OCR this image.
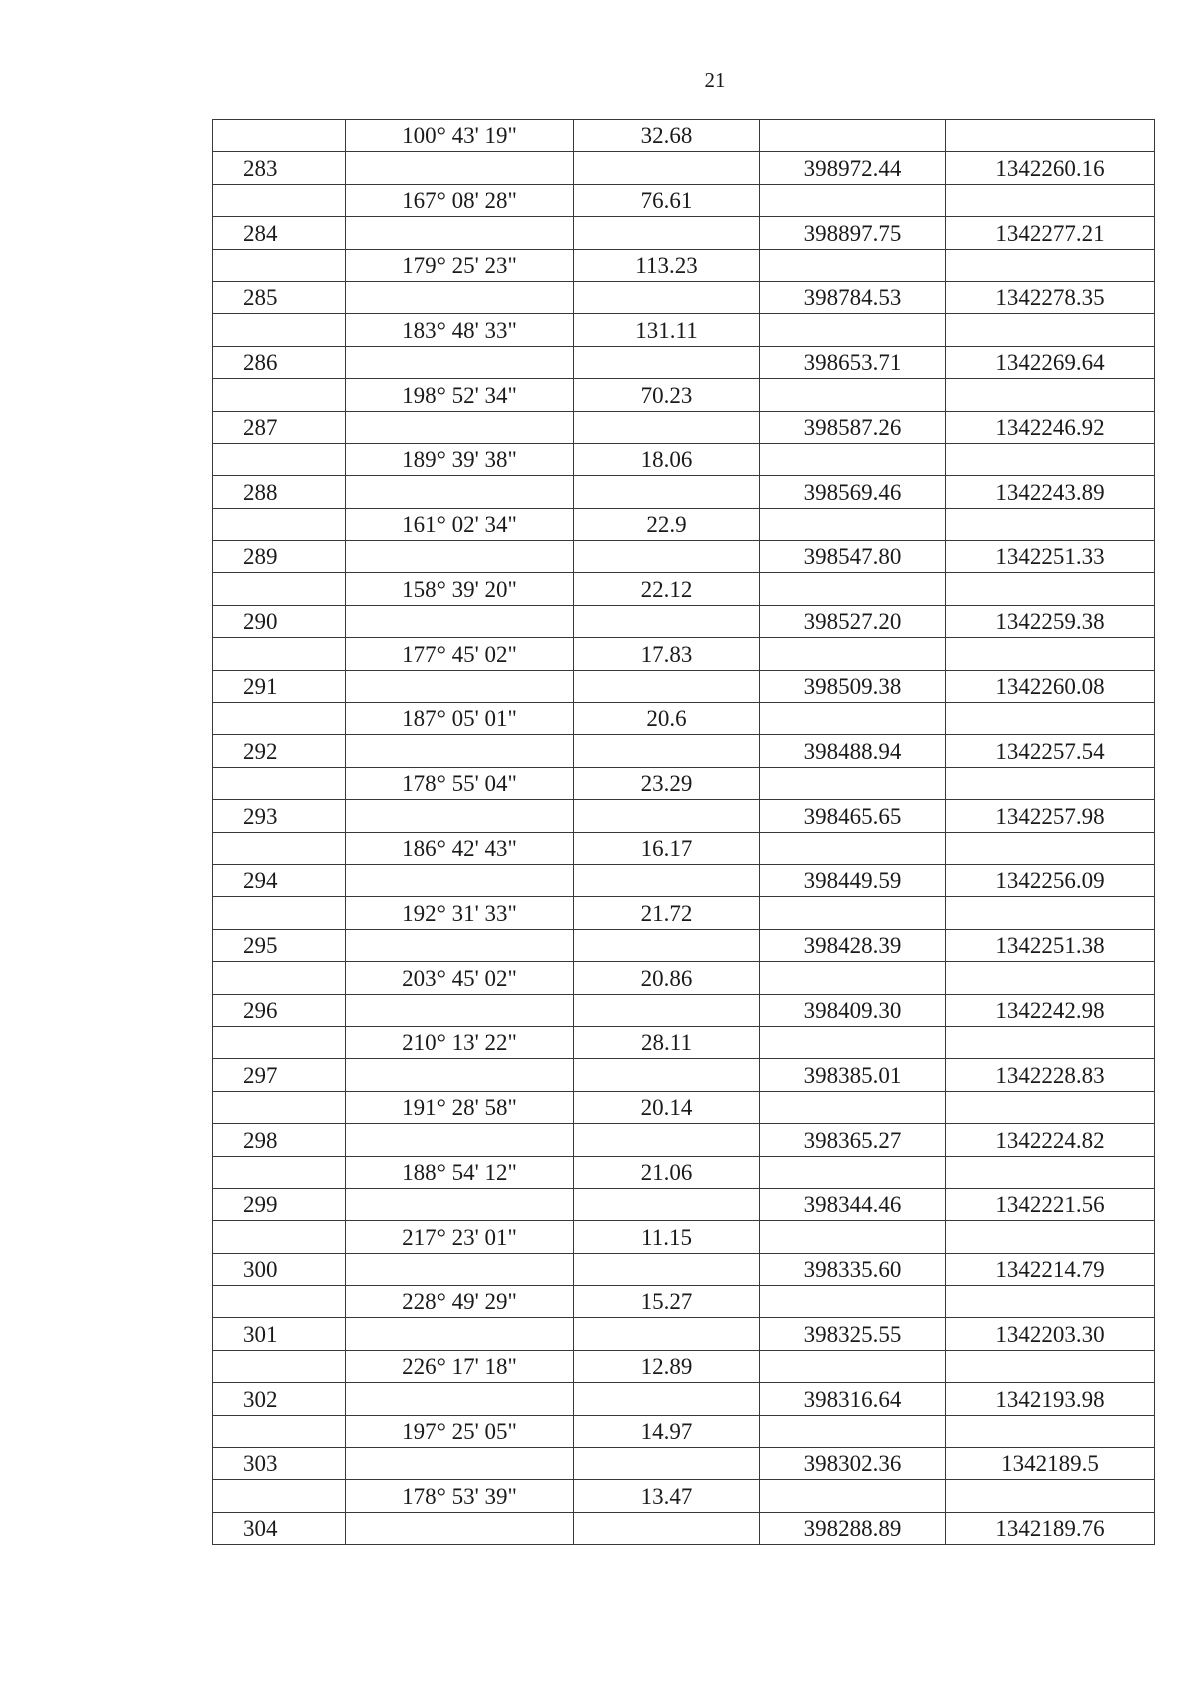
21
	100° 43' 19"	32.68		
283			398972.44	1342260.16
	167° 08' 28"	76.61		
284			398897.75	1342277.21
	179° 25' 23"	113.23		
285			398784.53	1342278.35
	183° 48' 33"	131.11		
286			398653.71	1342269.64
	198° 52' 34"	70.23		
287			398587.26	1342246.92
	189° 39' 38"	18.06		
288			398569.46	1342243.89
	161° 02' 34"	22.9		
289			398547.80	1342251.33
	158° 39' 20"	22.12		
290			398527.20	1342259.38
	177° 45' 02"	17.83		
291			398509.38	1342260.08
	187° 05' 01"	20.6		
292			398488.94	1342257.54
	178° 55' 04"	23.29		
293			398465.65	1342257.98
	186° 42' 43"	16.17		
294			398449.59	1342256.09
	192° 31' 33"	21.72		
295			398428.39	1342251.38
	203° 45' 02"	20.86		
296			398409.30	1342242.98
	210° 13' 22"	28.11		
297			398385.01	1342228.83
	191° 28' 58"	20.14		
298			398365.27	1342224.82
	188° 54' 12"	21.06		
299			398344.46	1342221.56
	217° 23' 01"	11.15		
300			398335.60	1342214.79
	228° 49' 29"	15.27		
301			398325.55	1342203.30
	226° 17' 18"	12.89		
302			398316.64	1342193.98
	197° 25' 05"	14.97		
303			398302.36	1342189.5
	178° 53' 39"	13.47		
304			398288.89	1342189.76
